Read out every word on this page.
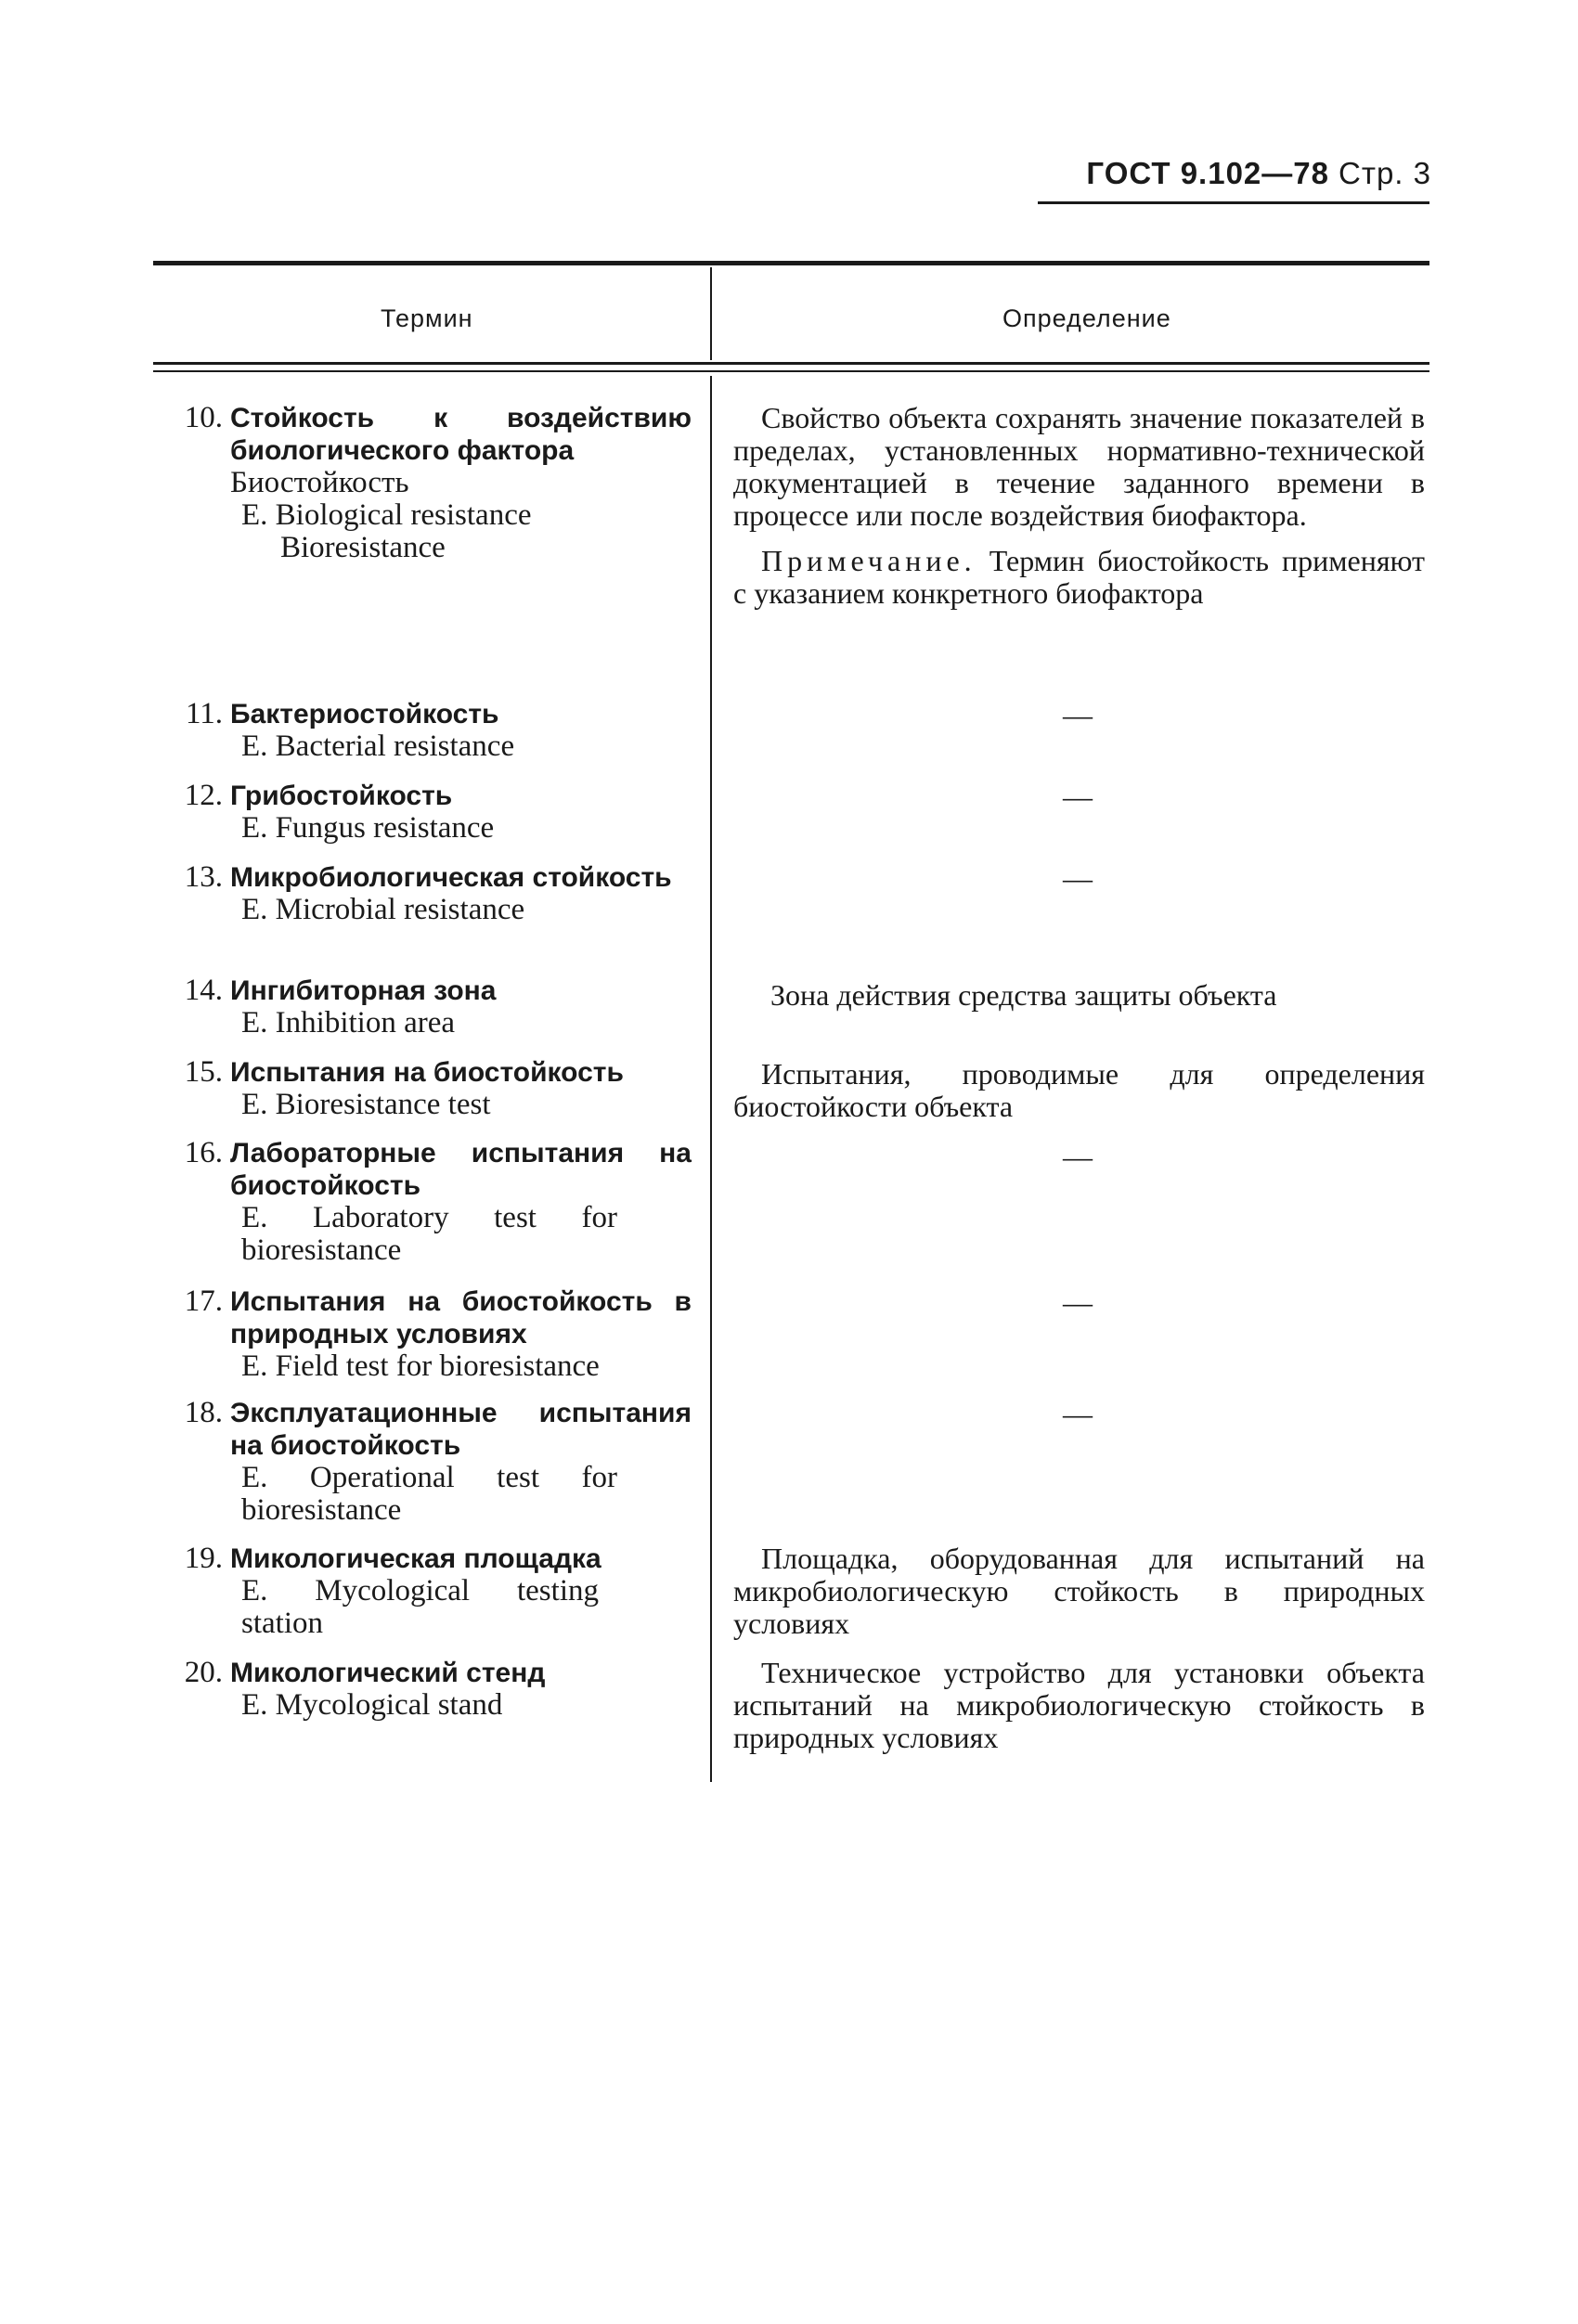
ГОСТ 9.102—78 Стр. 3
Термин	Определение
10. Стойкость к воздействию биологического фактора
Биостойкость
E. Biological resistance
Bioresistance
Свойство объекта сохранять значение показателей в пределах, установленных нормативно-технической документацией в течение заданного времени в процессе или после воздействия биофактора.
Примечание. Термин биостойкость применяют с указанием конкретного биофактора
11. Бактериостойкость
E. Bacterial resistance
—
12. Грибостойкость
E. Fungus resistance
—
13. Микробиологическая стойкость
E. Microbial resistance
—
14. Ингибиторная зона
E. Inhibition area
Зона действия средства защиты объекта
15. Испытания на биостойкость
E. Bioresistance test
Испытания, проводимые для определения биостойкости объекта
16. Лабораторные испытания на биостойкость
E. Laboratory test for bioresistance
—
17. Испытания на биостойкость в природных условиях
E. Field test for bioresistance
—
18. Эксплуатационные испытания на биостойкость
E. Operational test for bioresistance
—
19. Микологическая площадка
E. Mycological testing station
Площадка, оборудованная для испытаний на микробиологическую стойкость в природных условиях
20. Микологический стенд
E. Mycological stand
Техническое устройство для установки объекта испытаний на микробиологическую стойкость в природных условиях
